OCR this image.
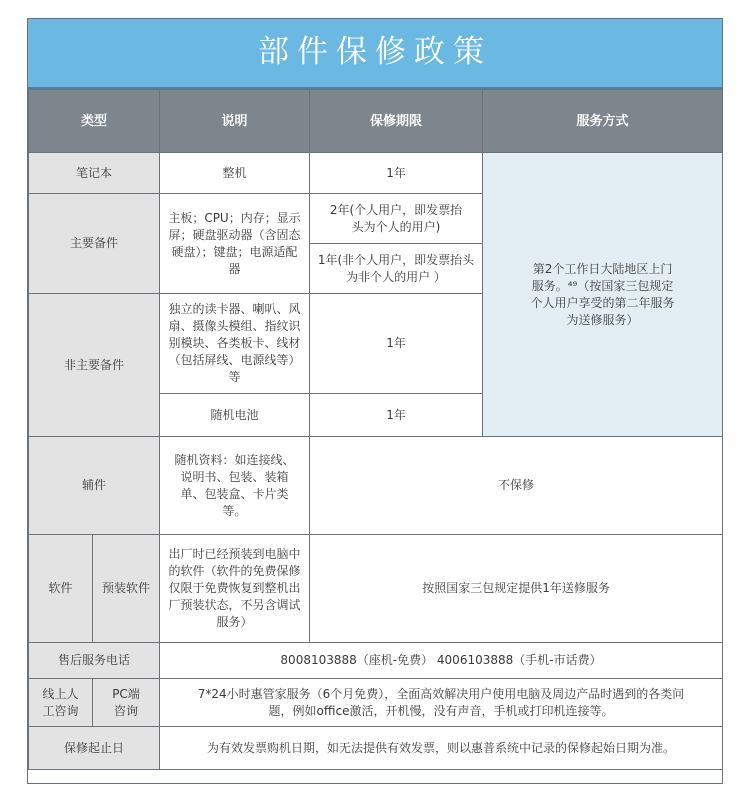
部件保修政策
类型		说明	保修期限	服务方式
笔记本		整机	1年	第2个工作日大陆地区上门服务。⁴⁹（按国家三包规定个人用户享受的第二年服务为送修服务）
主要备件		主板；CPU；内存；显示屏；硬盘驱动器（含固态硬盘）；键盘；电源适配器	2年(个人用户，即发票抬头为个人的用户)	
			1年(非个人用户，即发票抬头为非个人的用户 ）	
非主要备件		独立的读卡器、喇叭、风扇、摄像头模组、指纹识别模块、各类板卡、线材（包括屏线、电源线等）等	1年	
		随机电池	1年	
辅件		随机资料：如连接线、说明书、包装、装箱单、包装盒、卡片类等。	不保修	
软件	预装软件	出厂时已经预装到电脑中的软件（软件的免费保修仅限于免费恢复到整机出厂预装状态，不另含调试服务）	按照国家三包规定提供1年送修服务	
售后服务电话		8008103888（座机-免费） 4006103888（手机-市话费）		
线上人工咨询	PC端咨询	7*24小时惠管家服务（6个月免费），全面高效解决用户使用电脑及周边产品时遇到的各类问题，例如office激活，开机慢，没有声音，手机或打印机连接等。		
保修起止日		为有效发票购机日期，如无法提供有效发票，则以惠普系统中记录的保修起始日期为准。		
